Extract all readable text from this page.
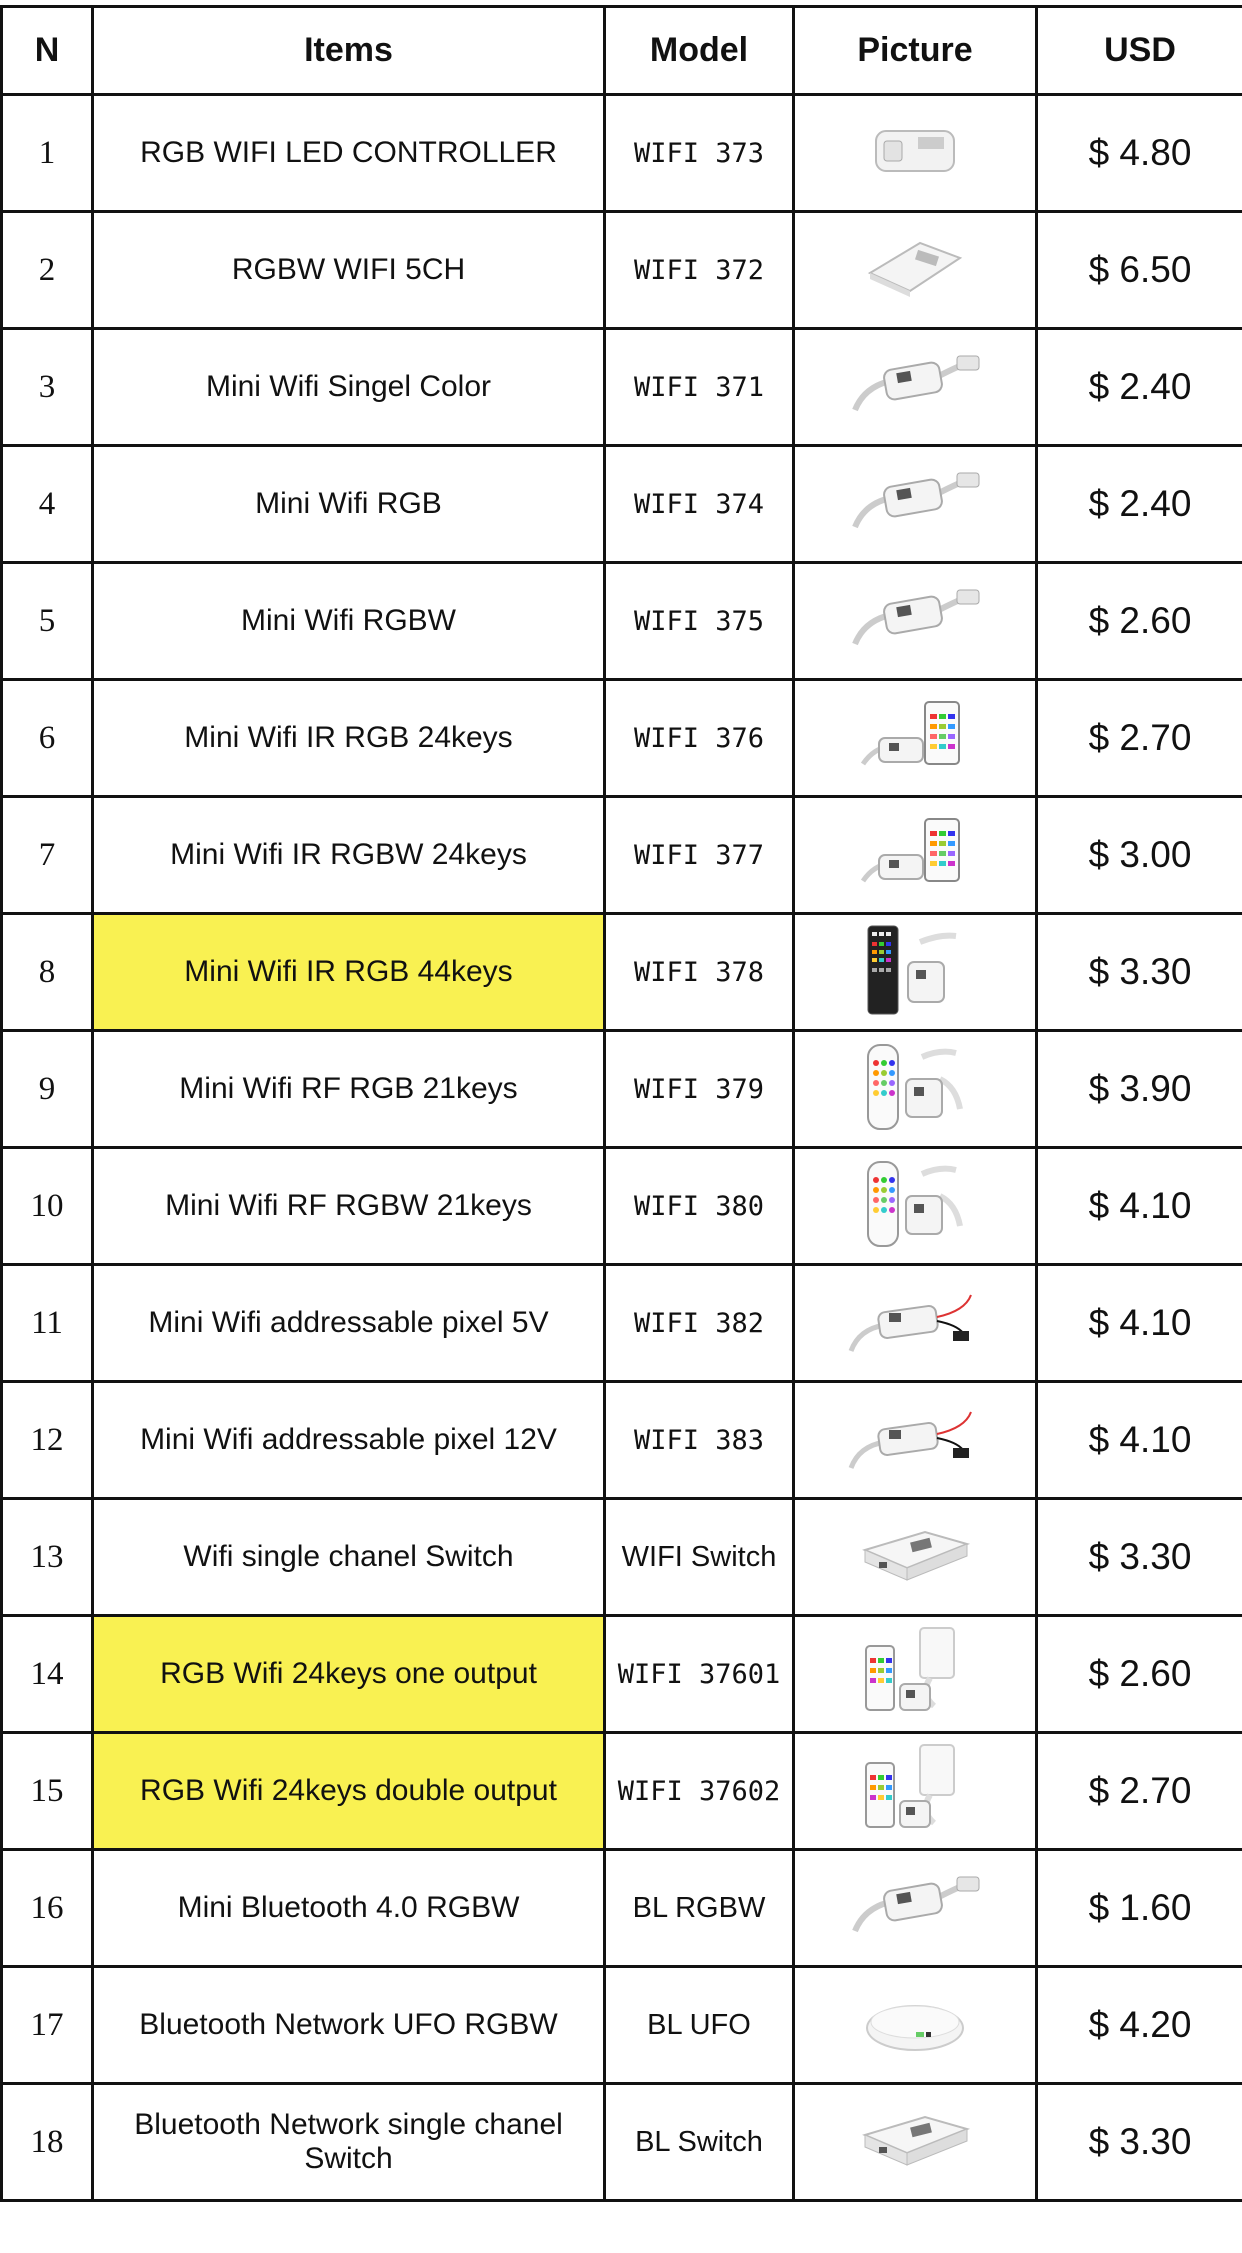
N	Items	Model	Picture	USD
1	RGB WIFI LED CONTROLLER	WIFI 373		$ 4.80
2	RGBW WIFI 5CH	WIFI 372		$ 6.50
3	Mini Wifi Singel Color	WIFI 371		$ 2.40
4	Mini Wifi RGB	WIFI 374		$ 2.40
5	Mini Wifi RGBW	WIFI 375		$ 2.60
6	Mini Wifi IR RGB 24keys	WIFI 376		$ 2.70
7	Mini Wifi IR RGBW 24keys	WIFI 377		$ 3.00
8	Mini Wifi IR RGB 44keys	WIFI 378		$ 3.30
9	Mini Wifi RF RGB 21keys	WIFI 379		$ 3.90
10	Mini Wifi RF RGBW 21keys	WIFI 380		$ 4.10
11	Mini Wifi addressable pixel 5V	WIFI 382		$ 4.10
12	Mini Wifi addressable pixel 12V	WIFI 383		$ 4.10
13	Wifi single chanel Switch	WIFI Switch		$ 3.30
14	RGB Wifi 24keys one output	WIFI 37601		$ 2.60
15	RGB Wifi 24keys double output	WIFI 37602		$ 2.70
16	Mini Bluetooth 4.0 RGBW	BL RGBW		$ 1.60
17	Bluetooth Network UFO RGBW	BL UFO		$ 4.20
18	Bluetooth Network single chanel Switch	BL Switch		$ 3.30
